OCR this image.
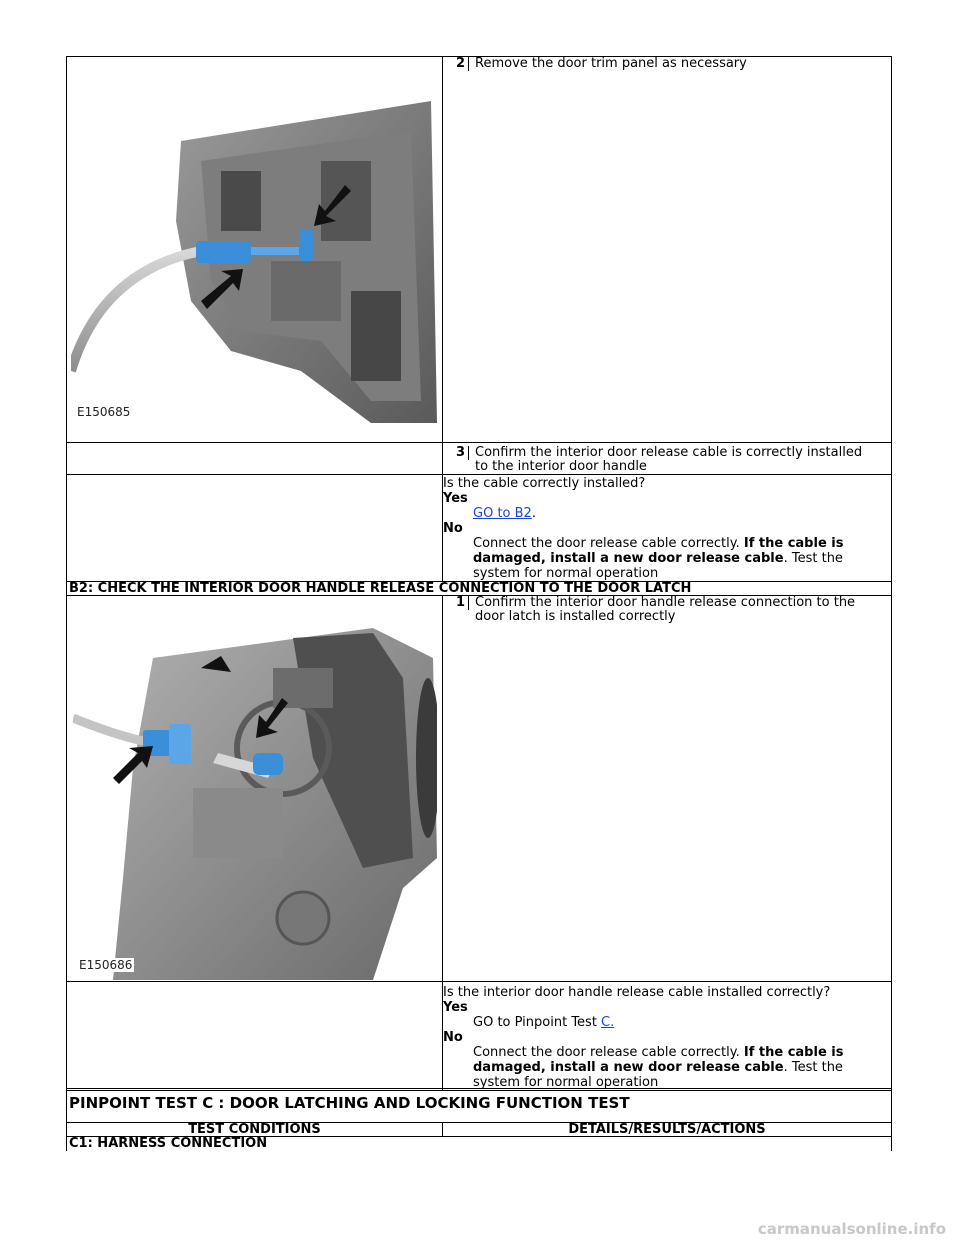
E150685	2 Remove the door trim panel as necessary

	3 Confirm the interior door release cable is correctly installed to the interior door handle

	Is the cable correctly installed?
Yes
GO to B2.
No
Connect the door release cable correctly. If the cable is damaged, install a new door release cable. Test the system for normal operation

B2: CHECK THE INTERIOR DOOR HANDLE RELEASE CONNECTION TO THE DOOR LATCH	

E150686	1 Confirm the interior door handle release connection to the door latch is installed correctly

	Is the interior door handle release cable installed correctly?
Yes
GO to Pinpoint Test C.
No
Connect the door release cable correctly. If the cable is damaged, install a new door release cable. Test the system for normal operation
PINPOINT TEST C : DOOR LATCHING AND LOCKING FUNCTION TEST
TEST CONDITIONS	DETAILS/RESULTS/ACTIONS
C1: HARNESS CONNECTION
carmanualsonline.info
